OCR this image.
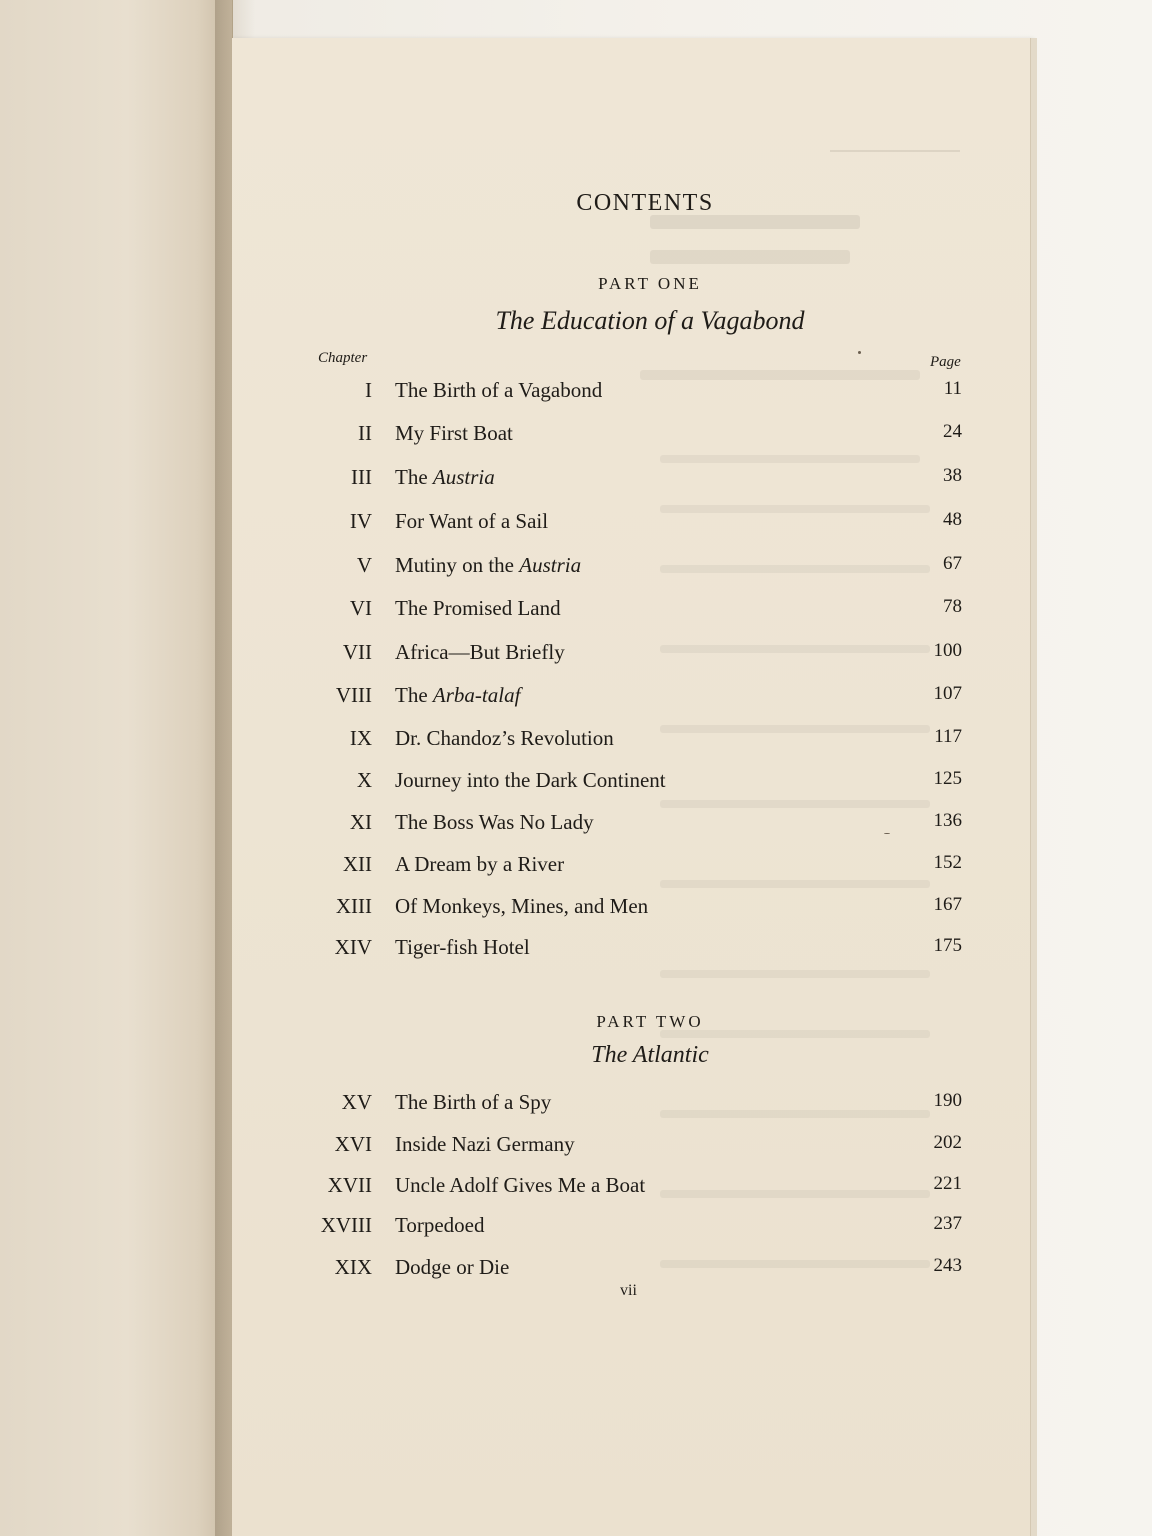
CONTENTS
PART ONE
The Education of a Vagabond
Chapter	Page
I The Birth of a Vagabond	11
II My First Boat	24
III The Austria	38
IV For Want of a Sail	48
V Mutiny on the Austria	67
VI The Promised Land	78
VII Africa—But Briefly	100
VIII The Arba-talaf	107
IX Dr. Chandoz’s Revolution	117
X Journey into the Dark Continent	125
XI The Boss Was No Lady	136
XII A Dream by a River	152
XIII Of Monkeys, Mines, and Men	167
XIV Tiger-fish Hotel	175
PART TWO
The Atlantic
XV The Birth of a Spy	190
XVI Inside Nazi Germany	202
XVII Uncle Adolf Gives Me a Boat	221
XVIII Torpedoed	237
XIX Dodge or Die	243
vii
